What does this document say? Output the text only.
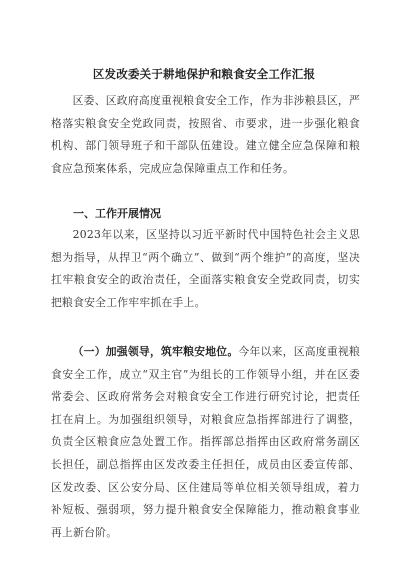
区发改委关于耕地保护和粮食安全工作汇报

区委、区政府高度重视粮食安全工作，作为非涉粮县区，严格落实粮食安全党政同责，按照省、市要求，进一步强化粮食机构、部门领导班子和干部队伍建设。建立健全应急保障和粮食应急预案体系，完成应急保障重点工作和任务。

一、工作开展情况

2023年以来，区坚持以习近平新时代中国特色社会主义思想为指导，从捍卫“两个确立”、做到“两个维护”的高度，坚决扛牢粮食安全的政治责任，全面落实粮食安全党政同责，切实把粮食安全工作牢牢抓在手上。

（一）加强领导，筑牢粮安地位。今年以来，区高度重视粮食安全工作，成立“双主官”为组长的工作领导小组，并在区委常委会、区政府常务会对粮食安全工作进行研究讨论，把责任扛在肩上。为加强组织领导，对粮食应急指挥部进行了调整，负责全区粮食应急处置工作。指挥部总指挥由区政府常务副区长担任，副总指挥由区发改委主任担任，成员由区委宣传部、区发改委、区公安分局、区住建局等单位相关领导组成，着力补短板、强弱项，努力提升粮食安全保障能力，推动粮食事业再上新台阶。
